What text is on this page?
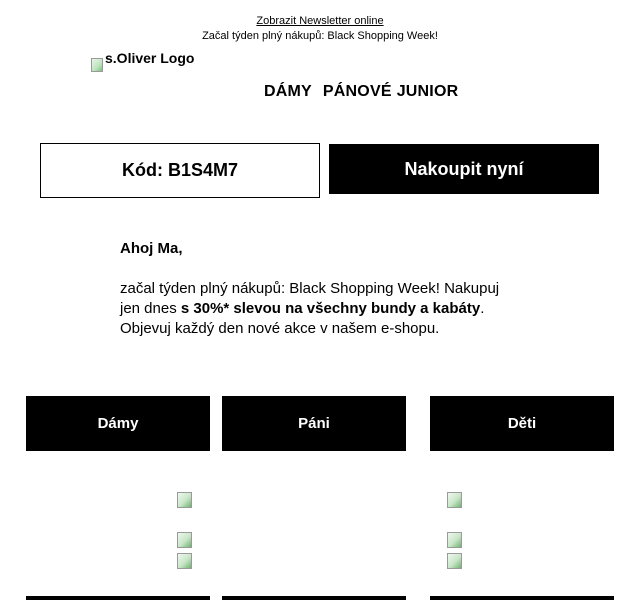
Zobrazit Newsletter online
Začal týden plný nákupů: Black Shopping Week!
s.Oliver Logo
DÁMY PÁNOVÉ JUNIOR
Kód: B1S4M7	Nakoupit nyní
Ahoj Ma,
začal týden plný nákupů: Black Shopping Week! Nakupuj
jen dnes s 30%* slevou na všechny bundy a kabáty.
Objevuj každý den nové akce v našem e-shopu.
Dámy	Páni	Děti
